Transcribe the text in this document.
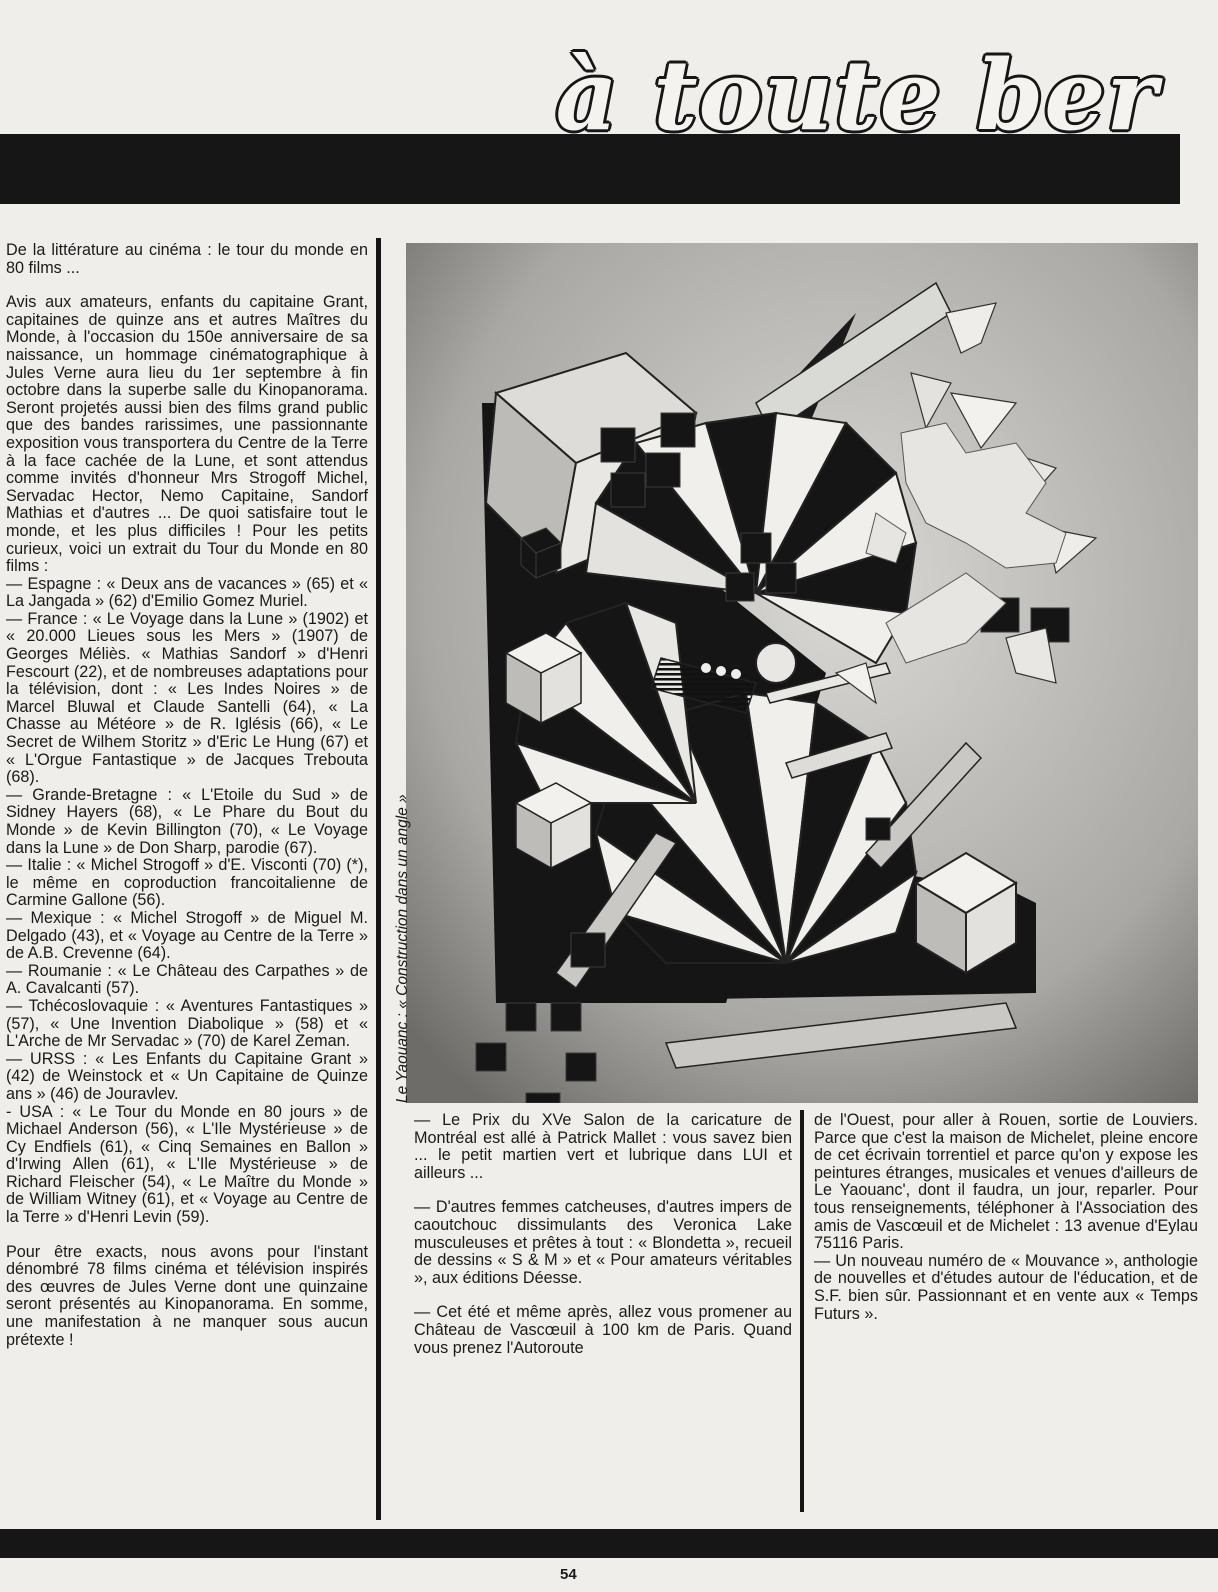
à toute ber

De la littérature au cinéma : le tour du monde en 80 films ...

Avis aux amateurs, enfants du capitaine Grant, capitaines de quinze ans et autres Maîtres du Monde, à l'occasion du 150e anniversaire de sa naissance, un hommage cinématographique à Jules Verne aura lieu du 1er septembre à fin octobre dans la superbe salle du Kinopanorama. Seront projetés aussi bien des films grand public que des bandes rarissimes, une passionnante exposition vous transportera du Centre de la Terre à la face cachée de la Lune, et sont attendus comme invités d'honneur Mrs Strogoff Michel, Servadac Hector, Nemo Capitaine, Sandorf Mathias et d'autres ... De quoi satisfaire tout le monde, et les plus difficiles ! Pour les petits curieux, voici un extrait du Tour du Monde en 80 films :

— Espagne : « Deux ans de vacances » (65) et « La Jangada » (62) d'Emilio Gomez Muriel.

— France : « Le Voyage dans la Lune » (1902) et « 20.000 Lieues sous les Mers » (1907) de Georges Méliès. « Mathias Sandorf » d'Henri Fescourt (22), et de nombreuses adaptations pour la télévision, dont : « Les Indes Noires » de Marcel Bluwal et Claude Santelli (64), « La Chasse au Météore » de R. Iglésis (66), « Le Secret de Wilhem Storitz » d'Eric Le Hung (67) et « L'Orgue Fantastique » de Jacques Trebouta (68).

— Grande-Bretagne : « L'Etoile du Sud » de Sidney Hayers (68), « Le Phare du Bout du Monde » de Kevin Billington (70), « Le Voyage dans la Lune » de Don Sharp, parodie (67).

— Italie : « Michel Strogoff » d'E. Visconti (70) (*), le même en coproduction francoitalienne de Carmine Gallone (56).

— Mexique : « Michel Strogoff » de Miguel M. Delgado (43), et « Voyage au Centre de la Terre » de A.B. Crevenne (64).

— Roumanie : « Le Château des Carpathes » de A. Cavalcanti (57).

— Tchécoslovaquie : « Aventures Fantastiques » (57), « Une Invention Diabolique » (58) et « L'Arche de Mr Servadac » (70) de Karel Zeman.

— URSS : « Les Enfants du Capitaine Grant » (42) de Weinstock et « Un Capitaine de Quinze ans » (46) de Jouravlev.

- USA : « Le Tour du Monde en 80 jours » de Michael Anderson (56), « L'Ile Mystérieuse » de Cy Endfiels (61), « Cinq Semaines en Ballon » d'Irwing Allen (61), « L'Ile Mystérieuse » de Richard Fleischer (54), « Le Maître du Monde » de William Witney (61), et « Voyage au Centre de la Terre » d'Henri Levin (59).

Pour être exacts, nous avons pour l'instant dénombré 78 films cinéma et télévision inspirés des œuvres de Jules Verne dont une quinzaine seront présentés au Kinopanorama. En somme, une manifestation à ne manquer sous aucun prétexte !

Le Yaouanc : « Construction dans un angle »

— Le Prix du XVe Salon de la caricature de Montréal est allé à Patrick Mallet : vous savez bien ... le petit martien vert et lubrique dans LUI et ailleurs ...

— D'autres femmes catcheuses, d'autres impers de caoutchouc dissimulants des Veronica Lake musculeuses et prêtes à tout : « Blondetta », recueil de dessins « S & M » et « Pour amateurs véritables », aux éditions Déesse.

— Cet été et même après, allez vous promener au Château de Vascœuil à 100 km de Paris. Quand vous prenez l'Autoroute

de l'Ouest, pour aller à Rouen, sortie de Louviers. Parce que c'est la maison de Michelet, pleine encore de cet écrivain torrentiel et parce qu'on y expose les peintures étranges, musicales et venues d'ailleurs de Le Yaouanc', dont il faudra, un jour, reparler. Pour tous renseignements, téléphoner à l'Association des amis de Vascœuil et de Michelet : 13 avenue d'Eylau 75116 Paris.

— Un nouveau numéro de « Mouvance », anthologie de nouvelles et d'études autour de l'éducation, et de S.F. bien sûr. Passionnant et en vente aux « Temps Futurs ».

54
